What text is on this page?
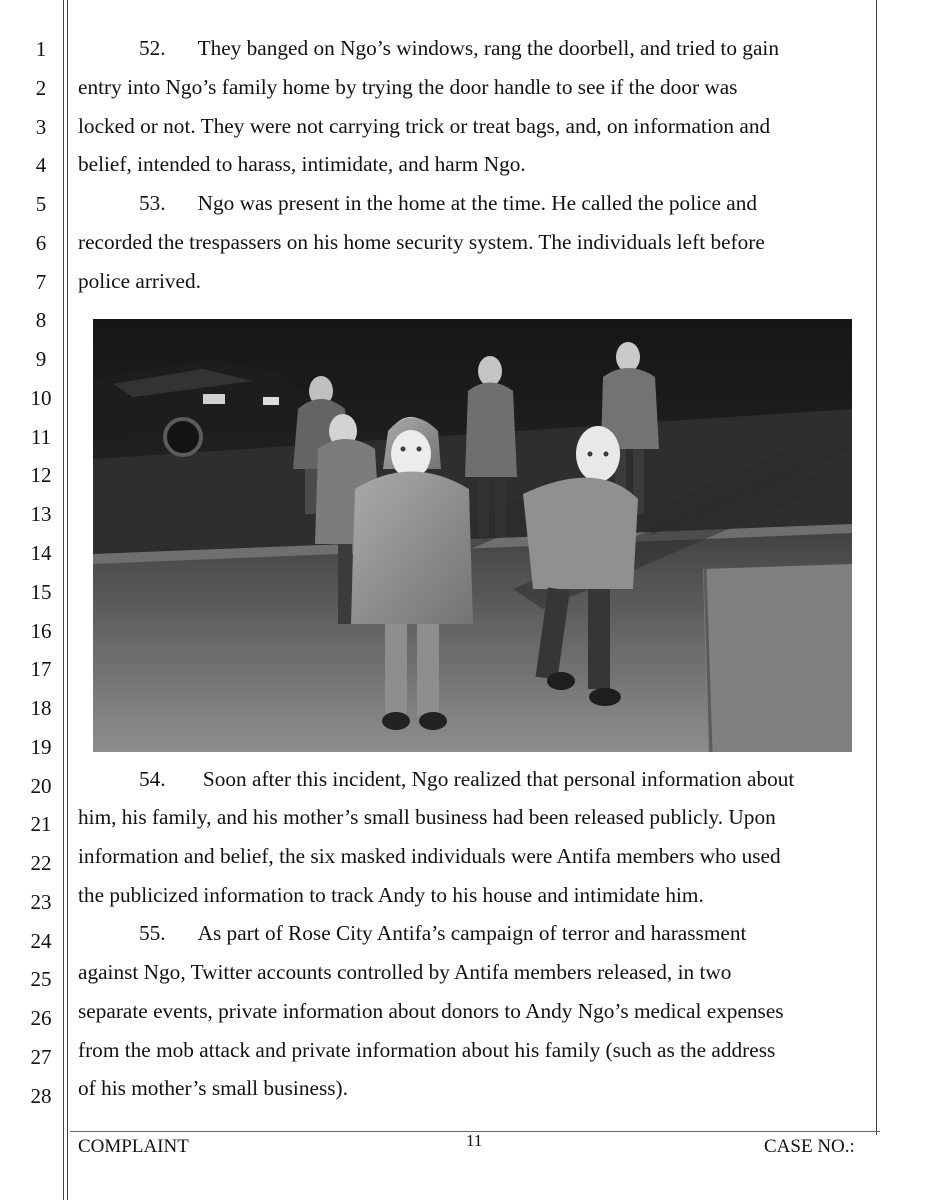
1
2
3
4
5
6
7
8
9
10
11
12
13
14
15
16
17
18
19
20
21
22
23
24
25
26
27
28
52.  They banged on Ngo’s windows, rang the doorbell, and tried to gain
entry into Ngo’s family home by trying the door handle to see if the door was
locked or not. They were not carrying trick or treat bags, and, on information and
belief, intended to harass, intimidate, and harm Ngo.
53.  Ngo was present in the home at the time. He called the police and
recorded the trespassers on his home security system. The individuals left before
police arrived.
54.   Soon after this incident, Ngo realized that personal information about
him, his family, and his mother’s small business had been released publicly. Upon
information and belief, the six masked individuals were Antifa members who used
the publicized information to track Andy to his house and intimidate him.
55.  As part of Rose City Antifa’s campaign of terror and harassment
against Ngo, Twitter accounts controlled by Antifa members released, in two
separate events, private information about donors to Andy Ngo’s medical expenses
from the mob attack and private information about his family (such as the address
of his mother’s small business).
COMPLAINT	11	CASE NO.:
